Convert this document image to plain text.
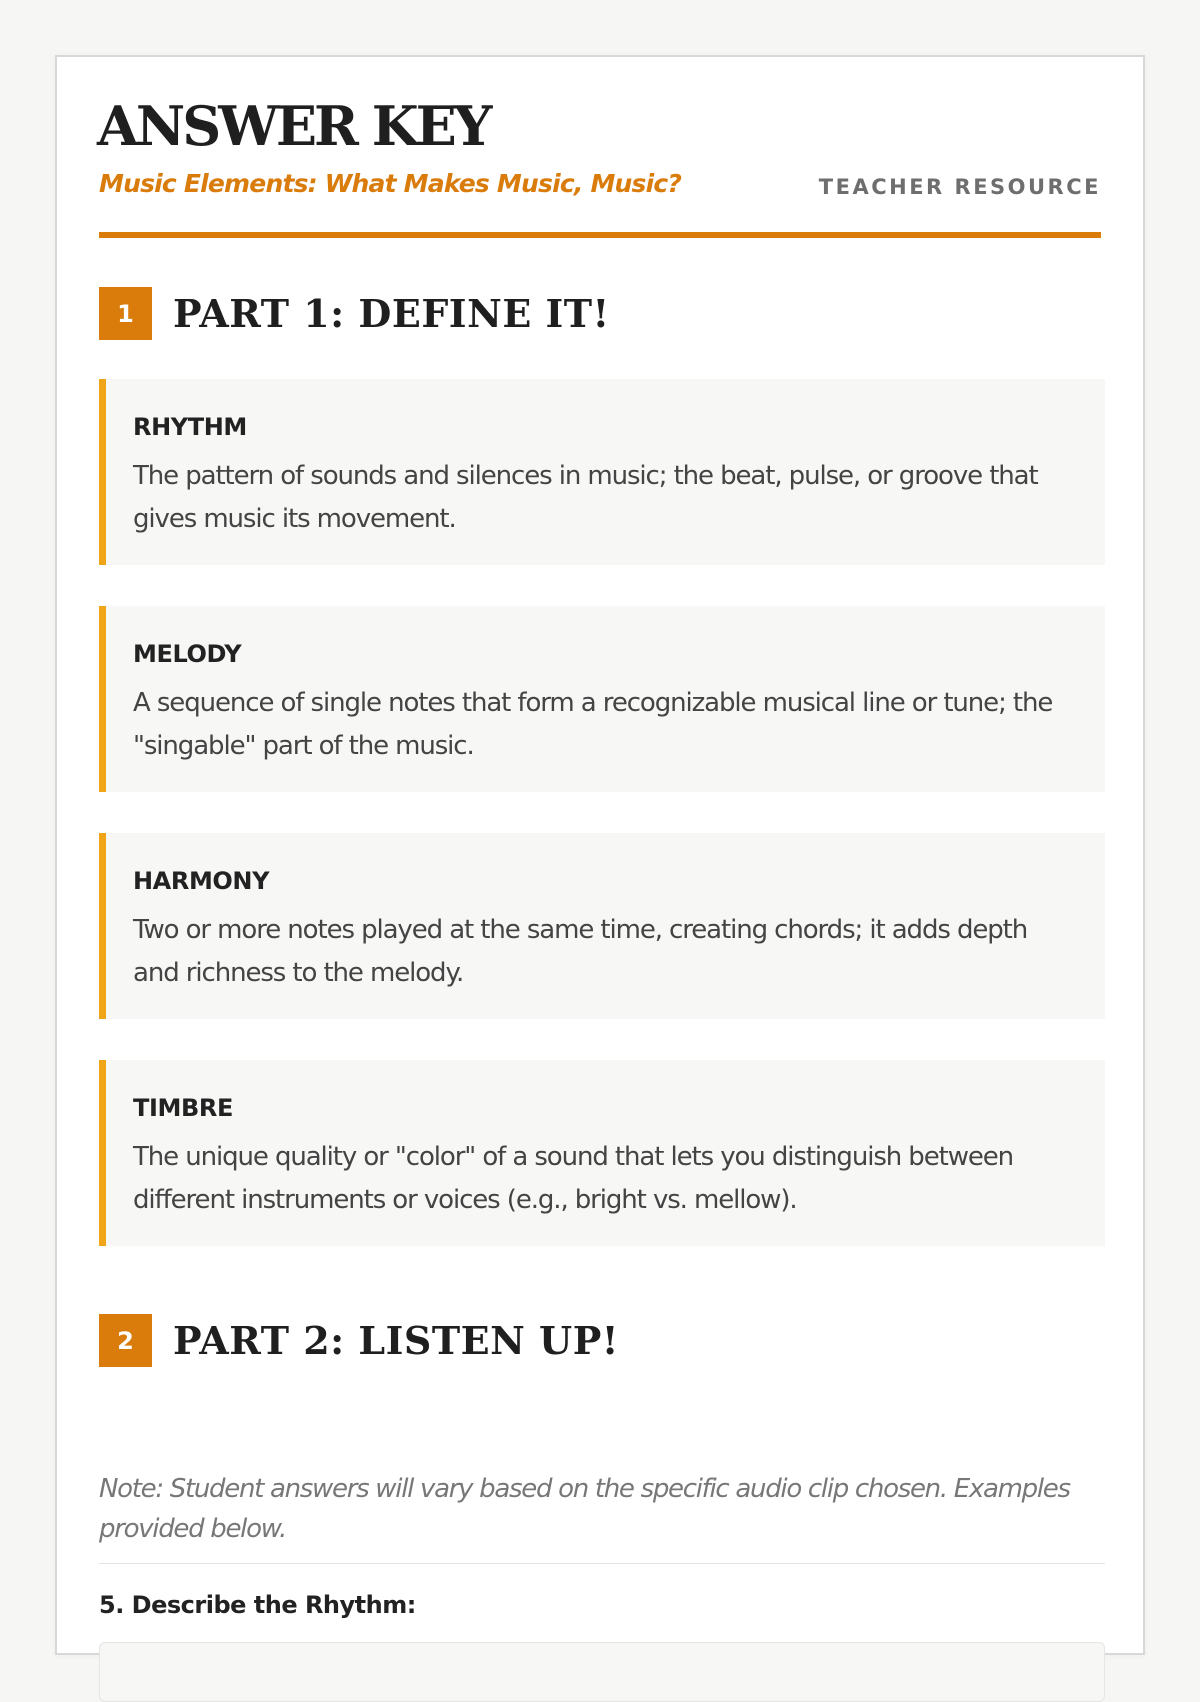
ANSWER KEY
Music Elements: What Makes Music, Music?	TEACHER RESOURCE
1	PART 1: DEFINE IT!
RHYTHM
The pattern of sounds and silences in music; the beat, pulse, or groove that gives music its movement.
MELODY
A sequence of single notes that form a recognizable musical line or tune; the "singable" part of the music.
HARMONY
Two or more notes played at the same time, creating chords; it adds depth and richness to the melody.
TIMBRE
The unique quality or "color" of a sound that lets you distinguish between different instruments or voices (e.g., bright vs. mellow).
2	PART 2: LISTEN UP!
Note: Student answers will vary based on the specific audio clip chosen. Examples provided below.
5. Describe the Rhythm:
